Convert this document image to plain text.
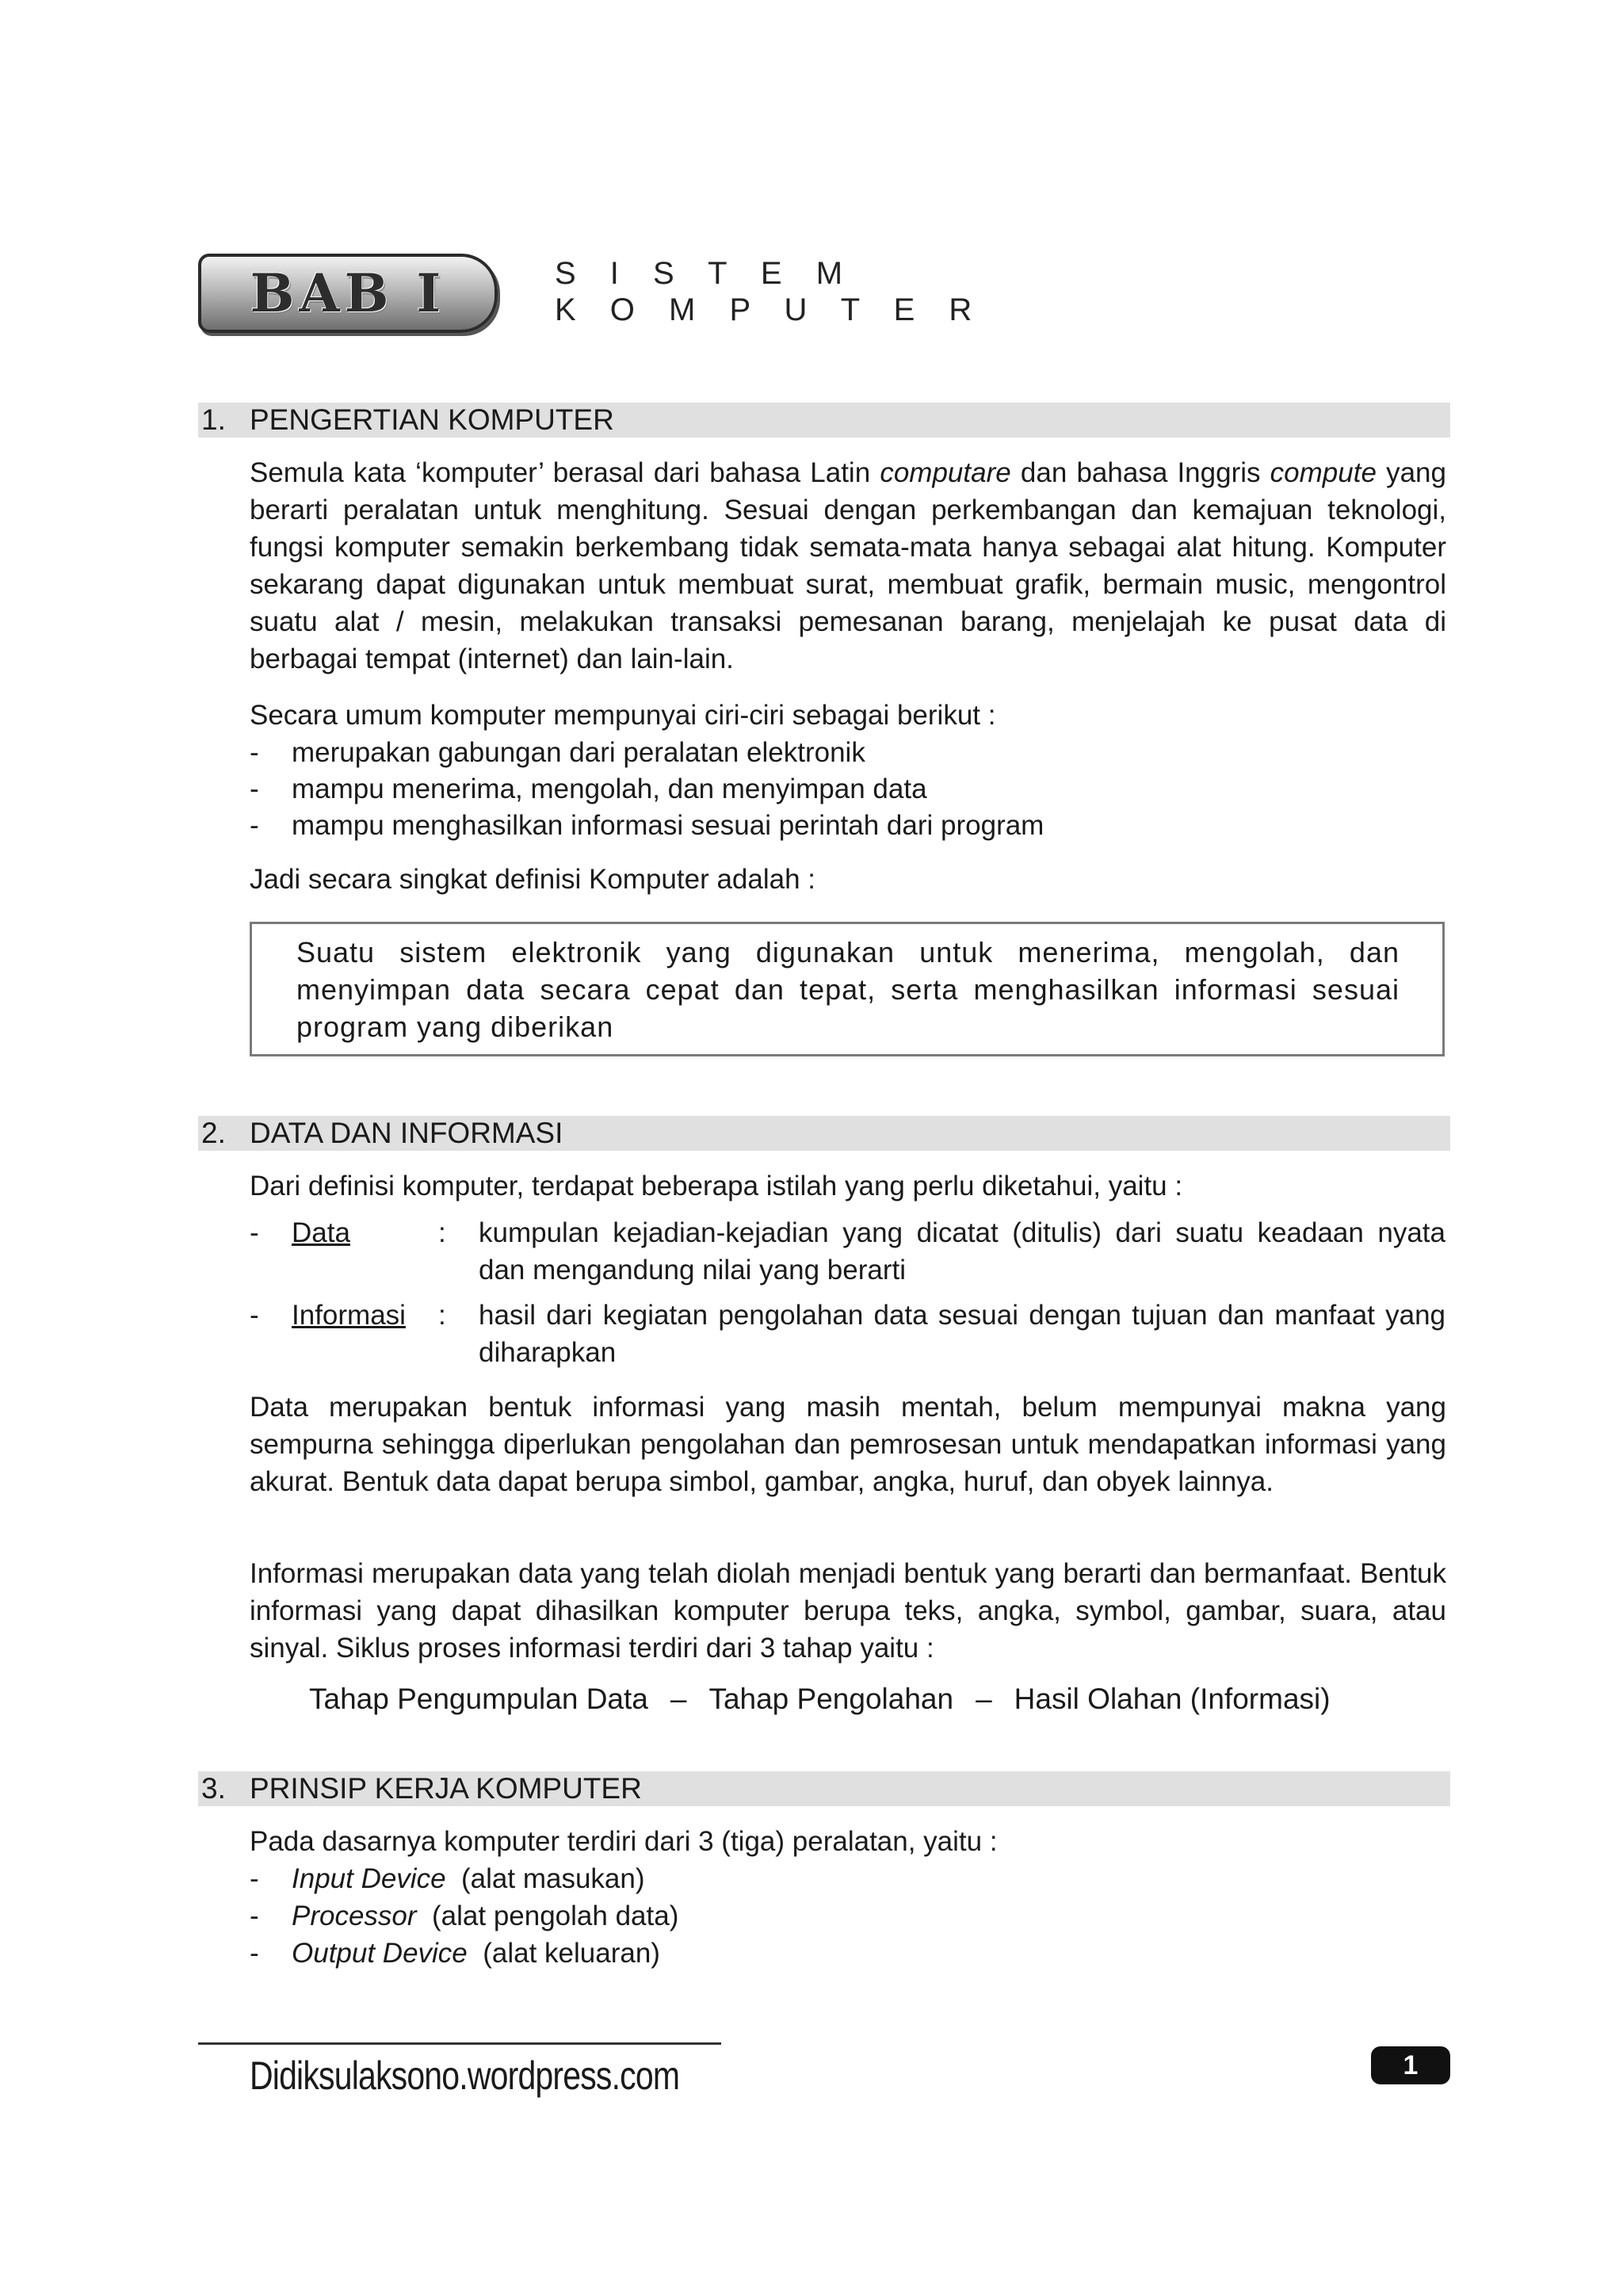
BAB I	S I S T E M
K O M P U T E R
1. PENGERTIAN KOMPUTER
Semula kata ‘komputer’ berasal dari bahasa Latin computare dan bahasa Inggris compute yang berarti peralatan untuk menghitung. Sesuai dengan perkembangan dan kemajuan teknologi, fungsi komputer semakin berkembang tidak semata-mata hanya sebagai alat hitung. Komputer sekarang dapat digunakan untuk membuat surat, membuat grafik, bermain music, mengontrol suatu alat / mesin, melakukan transaksi pemesanan barang, menjelajah ke pusat data di berbagai tempat (internet) dan lain-lain.
Secara umum komputer mempunyai ciri-ciri sebagai berikut :
- merupakan gabungan dari peralatan elektronik
- mampu menerima, mengolah, dan menyimpan data
- mampu menghasilkan informasi sesuai perintah dari program
Jadi secara singkat definisi Komputer adalah :
Suatu sistem elektronik yang digunakan untuk menerima, mengolah, dan menyimpan data secara cepat dan tepat, serta menghasilkan informasi sesuai program yang diberikan
2. DATA DAN INFORMASI
Dari definisi komputer, terdapat beberapa istilah yang perlu diketahui, yaitu :
- Data	: kumpulan kejadian-kejadian yang dicatat (ditulis) dari suatu keadaan nyata dan mengandung nilai yang berarti
- Informasi : hasil dari kegiatan pengolahan data sesuai dengan tujuan dan manfaat yang diharapkan
Data merupakan bentuk informasi yang masih mentah, belum mempunyai makna yang sempurna sehingga diperlukan pengolahan dan pemrosesan untuk mendapatkan informasi yang akurat. Bentuk data dapat berupa simbol, gambar, angka, huruf, dan obyek lainnya.
Informasi merupakan data yang telah diolah menjadi bentuk yang berarti dan bermanfaat. Bentuk informasi yang dapat dihasilkan komputer berupa teks, angka, symbol, gambar, suara, atau sinyal. Siklus proses informasi terdiri dari 3 tahap yaitu :
Tahap Pengumpulan Data – Tahap Pengolahan – Hasil Olahan (Informasi)
3. PRINSIP KERJA KOMPUTER
Pada dasarnya komputer terdiri dari 3 (tiga) peralatan, yaitu :
- Input Device (alat masukan)
- Processor (alat pengolah data)
- Output Device (alat keluaran)
Didiksulaksono.wordpress.com	1
